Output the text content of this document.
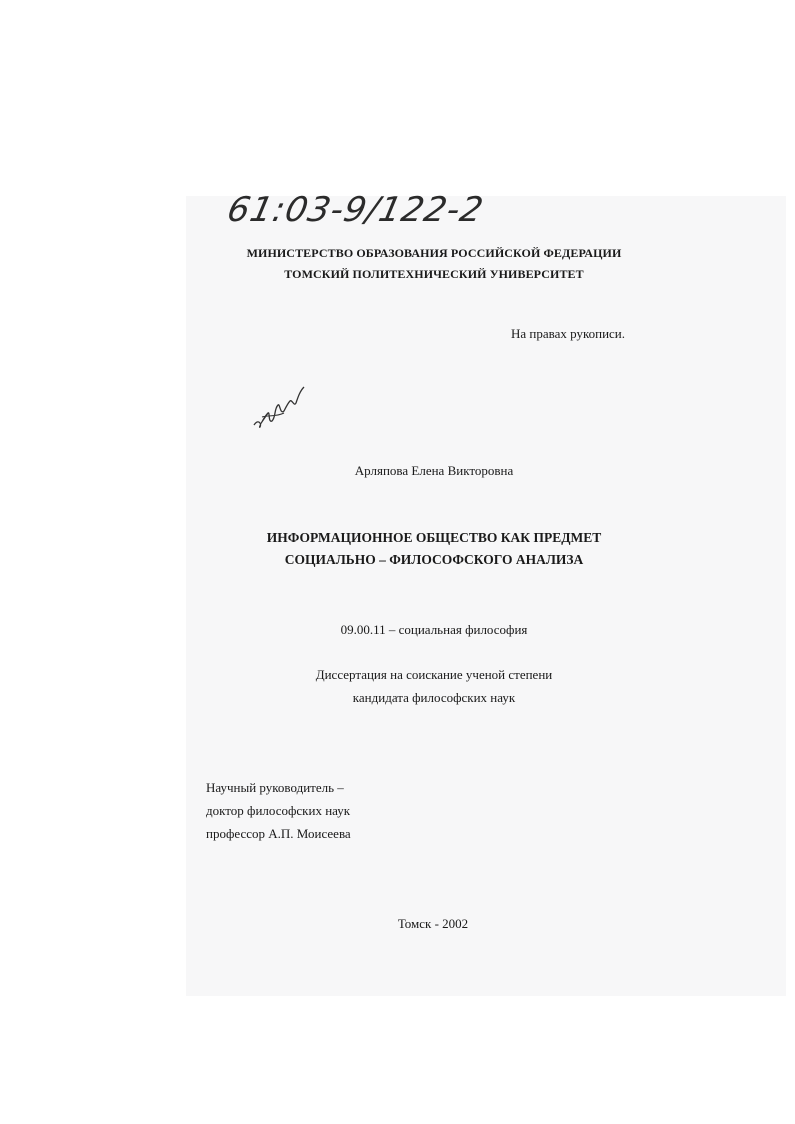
61:03-9/122-2
МИНИСТЕРСТВО ОБРАЗОВАНИЯ РОССИЙСКОЙ ФЕДЕРАЦИИ
ТОМСКИЙ ПОЛИТЕХНИЧЕСКИЙ УНИВЕРСИТЕТ
На правах рукописи.
Арляпова Елена Викторовна
ИНФОРМАЦИОННОЕ ОБЩЕСТВО КАК ПРЕДМЕТ
СОЦИАЛЬНО – ФИЛОСОФСКОГО АНАЛИЗА
09.00.11 – социальная философия
Диссертация на соискание ученой степени
кандидата философских наук
Научный руководитель –
доктор философских наук
профессор А.П. Моисеева
Томск - 2002
